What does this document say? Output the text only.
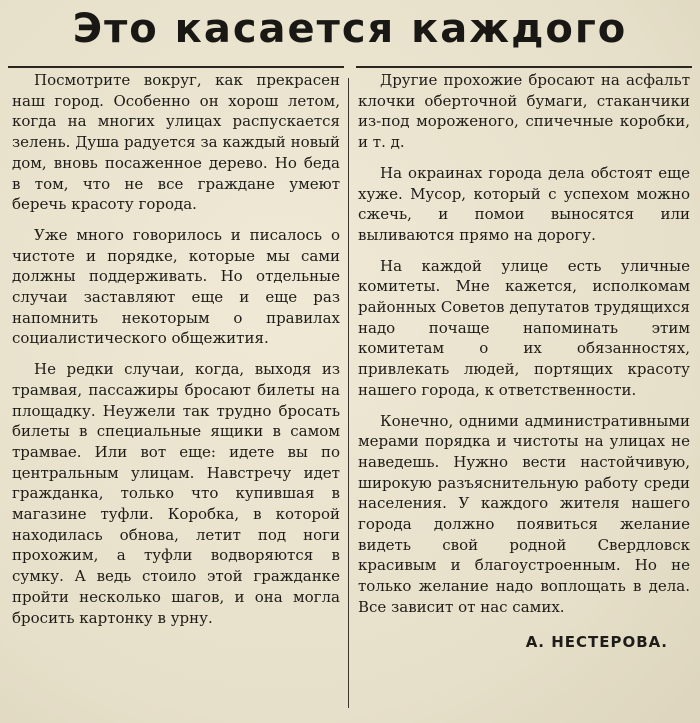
Это касается каждого

Посмотрите вокруг, как прекрасен наш город. Особенно он хорош летом, когда на многих улицах распускается зелень. Душа радуется за каждый новый дом, вновь посаженное дерево. Но беда в том, что не все граждане умеют беречь красоту города.

Уже много говорилось и писалось о чистоте и порядке, которые мы сами должны поддерживать. Но отдельные случаи заставляют еще и еще раз напомнить некоторым о правилах социалистического общежития.

Не редки случаи, когда, выходя из трамвая, пассажиры бросают билеты на площадку. Неужели так трудно бросать билеты в специальные ящики в самом трамвае. Или вот еще: идете вы по центральным улицам. Навстречу идет гражданка, только что купившая в магазине туфли. Коробка, в которой находилась обнова, летит под ноги прохожим, а туфли водворяются в сумку. А ведь стоило этой гражданке пройти несколько шагов, и она могла бросить картонку в урну.

Другие прохожие бросают на асфальт клочки оберточной бумаги, стаканчики из-под мороженого, спичечные коробки, и т. д.

На окраинах города дела обстоят еще хуже. Мусор, который с успехом можно сжечь, и помои выносятся или выливаются прямо на дорогу.

На каждой улице есть уличные комитеты. Мне кажется, исполкомам районных Советов депутатов трудящихся надо почаще напоминать этим комитетам о их обязанностях, привлекать людей, портящих красоту нашего города, к ответственности.

Конечно, одними административными мерами порядка и чистоты на улицах не наведешь. Нужно вести настойчивую, широкую разъяснительную работу среди населения. У каждого жителя нашего города должно появиться желание видеть свой родной Свердловск красивым и благоустроенным. Но не только желание надо воплощать в дела. Все зависит от нас самих.

А. НЕСТЕРОВА.
